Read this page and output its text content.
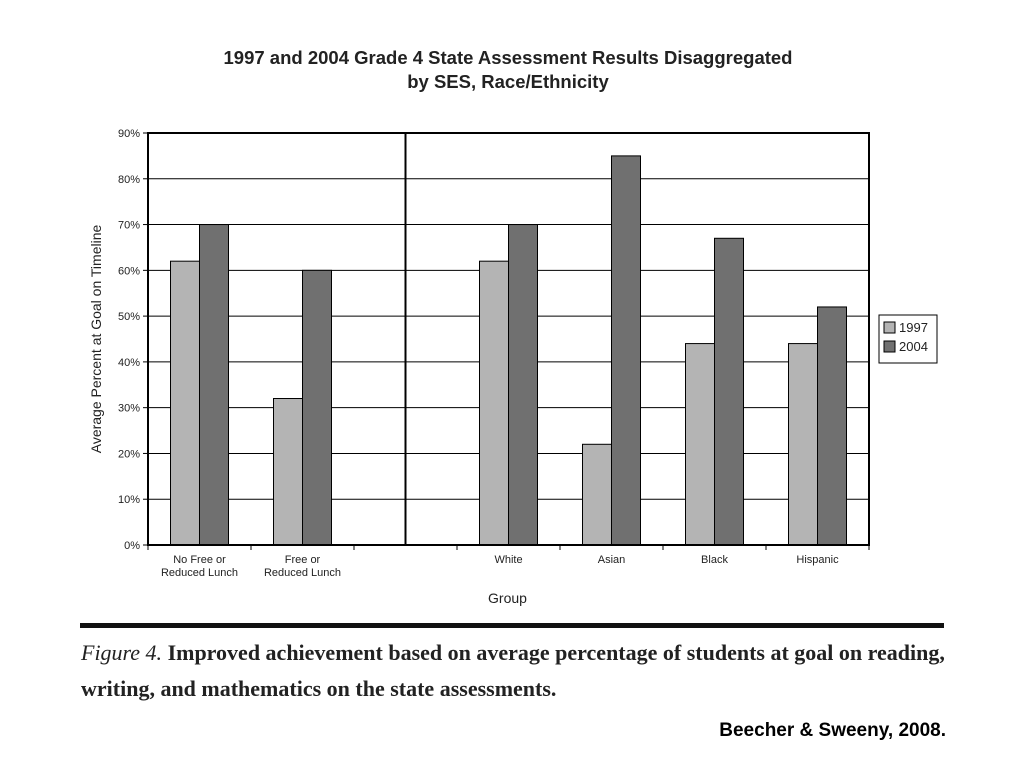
1997 and 2004 Grade 4 State Assessment Results Disaggregated
by SES, Race/Ethnicity
0%
10%
20%
30%
40%
50%
60%
70%
80%
90%
No Free or
Reduced Lunch
Free or
Reduced Lunch
White	Asian	Black	Hispanic
Group
Average Percent at Goal on Timeline	1997
2004
Figure 4. Improved achievement based on average percentage of students at goal on reading, writing, and mathematics on the state assessments.
Beecher & Sweeny, 2008.
